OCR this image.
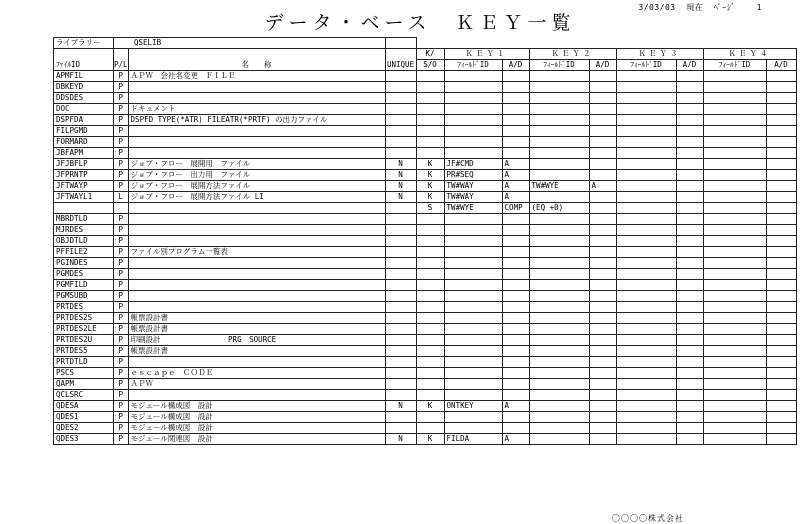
3/03/03 現在 ﾍﾟｰｼﾞ	1
データ・ベース　ＫＥＹ一覧
ライブラリー	QSELIB											
ﾌｧｲﾙID	P/L	名　　称	UNIQUE	K/	ＫＥＹ１		ＫＥＹ２		ＫＥＹ３		ＫＥＹ４	
				S/O	ﾌｨｰﾙﾄﾞID	A/D	ﾌｨｰﾙﾄﾞID	A/D	ﾌｨｰﾙﾄﾞID	A/D	ﾌｨｰﾙﾄﾞID	A/D
APMFIL	P	ＡＰＷ　会社名変更　ＦＩＬＥ										
DBKEYD	P											
DDSDES	P											
DOC	P	ドキュメント										
DSPFDA	P	DSPFD TYPE(*ATR) FILEATR(*PRTF) の出力ファイル										
FILPGMD	P											
FORMARD	P											
JBFAPM	P											
JFJBFLP	P	ジョブ・フロー　展開用　ファイル	N	K	JF#CMD	A						
JFPRNTP	P	ジョブ・フロー　出力用　ファイル	N	K	PR#SEQ	A						
JFTWAYP	P	ジョブ・フロー　展開方法ファイル	N	K	TW#WAY	A	TW#WYE	A				
JFTWAYL1	L	ジョブ・フロー　展開方法ファイル LI	N	K	TW#WAY	A						
				S	TW#WYE	COMP	(EQ +0)					
MBRDTLD	P											
MJRDES	P											
OBJDTLD	P											
PFFILE2	P	ファイル別プログラム一覧表										
PGINDES	P											
PGMDES	P											
PGMFILD	P											
PGMSUBD	P											
PRTDES	P											
PRTDES2S	P	帳票設計書										
PRTDES2LE	P	帳票設計書										
PRTDES2U	P	印刷設計　　　　　　　　　PRG　SOURCE										
PRTDES5	P	帳票設計書										
PRTDTLD	P											
PSCS	P	ｅｓｃａｐｅ　ＣＯＤＥ										
QAPM	P	ＡＰＷ										
QCLSRC	P											
QDESA	P	モジュール構成図　設計	N	K	ONTKEY	A						
QDES1	P	モジュール構成図　設計										
QDES2	P	モジュール構成図　設計										
QDES3	P	モジュール関連図　設計	N	K	FILDA	A						
〇〇〇〇株式会社
